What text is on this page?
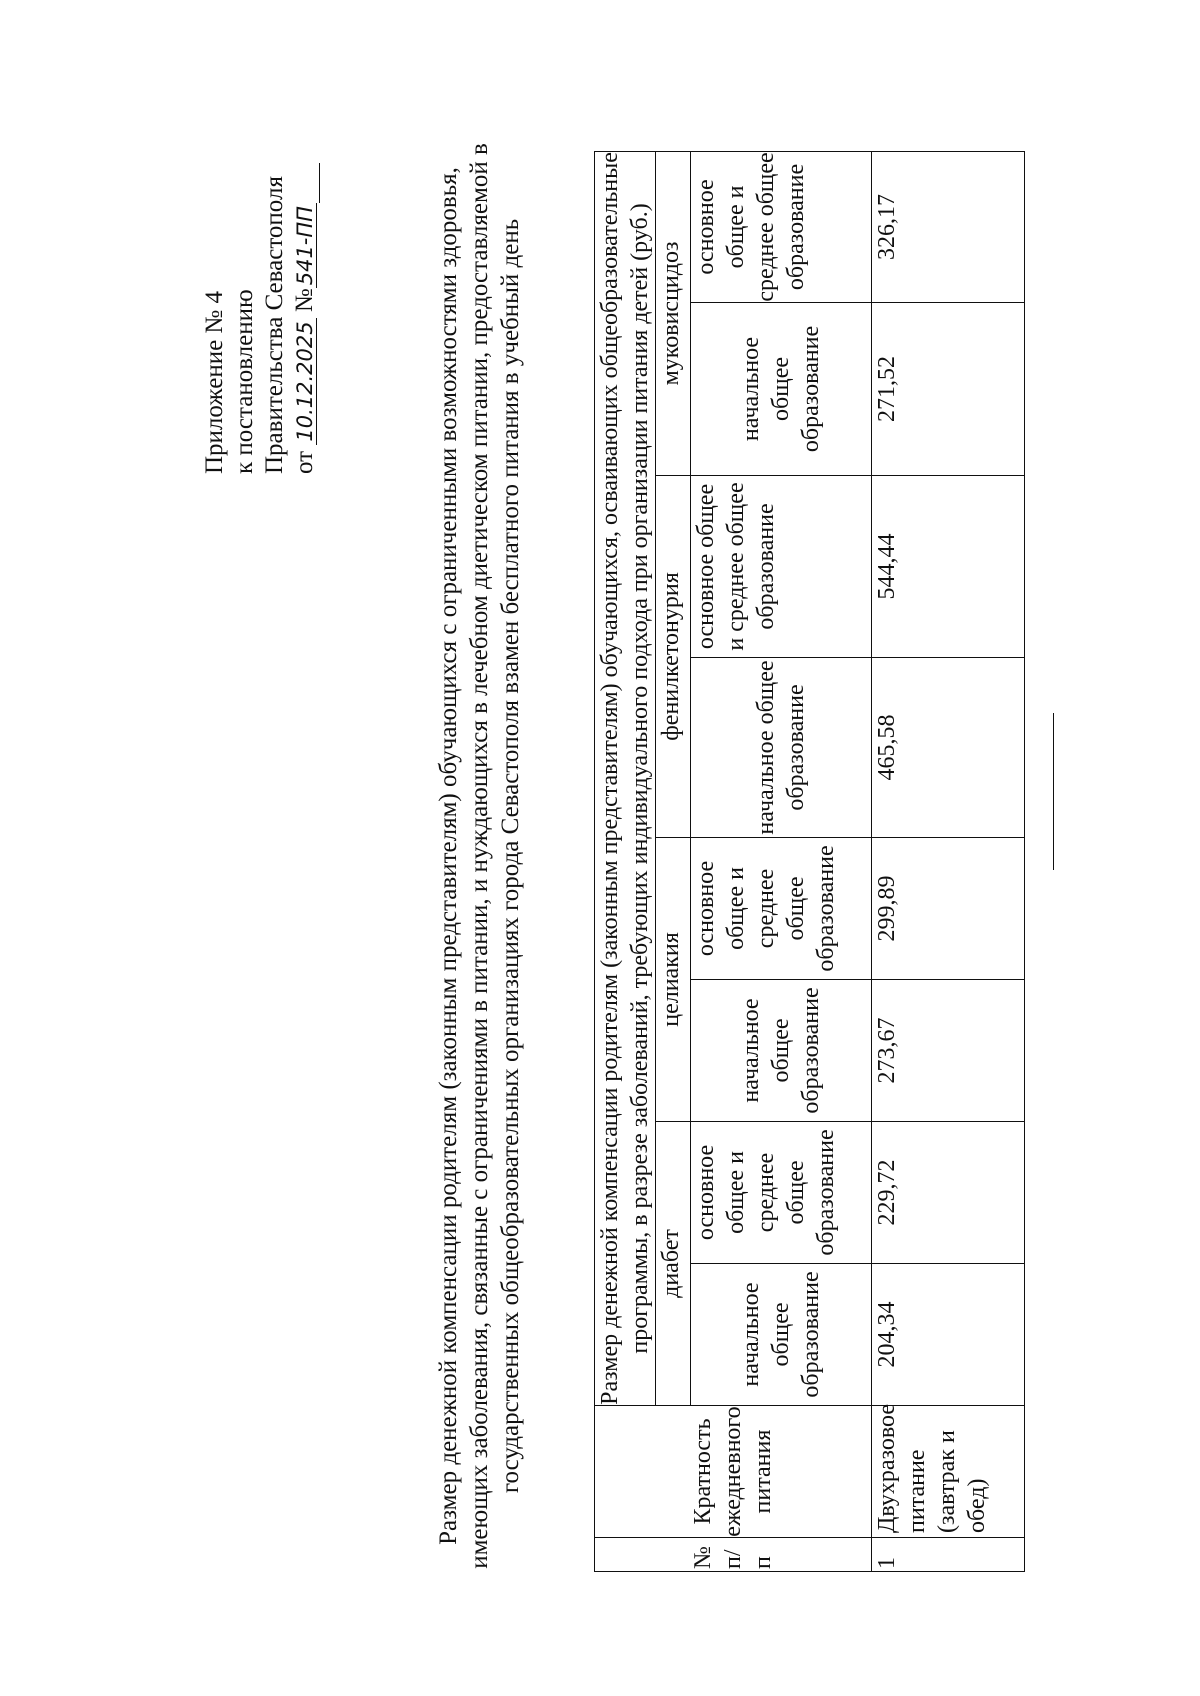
Приложение № 4 к постановлению Правительства Севастополя от 10.12.2025 №541-ПП	Размер денежной компенсации родителям (законным представителям) обучающихся с ограниченными возможностями здоровья, имеющих заболевания, связанные с ограничениями в питании, и нуждающихся в лечебном диетическом питании, предоставляемой в государственных общеобразовательных организациях города Севастополя взамен бесплатного питания в учебный день
№ п/п	Кратность ежедневного питания	Размер денежной компенсации родителям (законным представителям) обучающихся, осваивающих общеобразовательные программы, в разрезе заболеваний, требующих индивидуального подхода при организации питания детей (руб.)							
		диабет		целиакия		фенилкетонурия		муковисцидоз	
		начальное общее образование	основное общее и среднее общее образование	начальное общее образование	основное общее и среднее общее образование	начальное общее образование	основное общее и среднее общее образование	начальное общее образование	основное общее и среднее общее образование
1	Двухразовое питание (завтрак и обед)	204,34	229,72	273,67	299,89	465,58	544,44	271,52	326,17
